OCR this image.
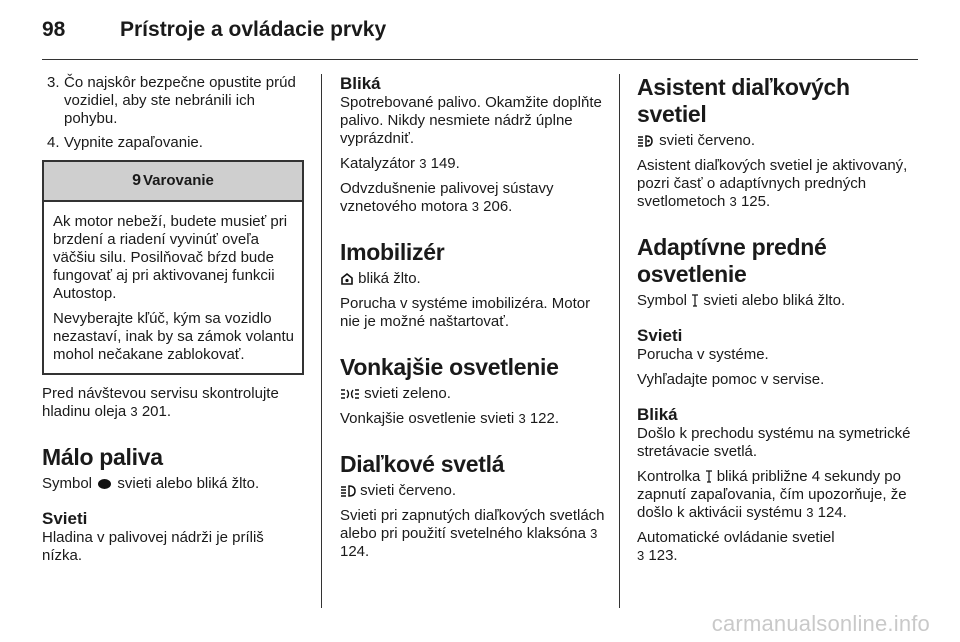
98	Prístroje a ovládacie prvky
3. Čo najskôr bezpečne opustite prúd vozidiel, aby ste nebránili ich pohybu.
4. Vypnite zapaľovanie.
9 Varovanie

Ak motor nebeží, budete musieť pri brzdení a riadení vyvinúť oveľa väčšiu silu. Posilňovač bŕzd bude fungovať aj pri aktivovanej funkcii Autostop.

Nevyberajte kľúč, kým sa vozidlo nezastaví, inak by sa zámok volantu mohol nečakane zablokovať.

Pred návštevou servisu skontrolujte hladinu oleja 3 201.

Málo paliva

Symbol svieti alebo bliká žlto.

Svieti

Hladina v palivovej nádrži je príliš nízka.

Bliká

Spotrebované palivo. Okamžite doplňte palivo. Nikdy nesmiete nádrž úplne vyprázdniť.

Katalyzátor 3 149.

Odvzdušnenie palivovej sústavy vznetového motora 3 206.

Imobilizér

bliká žlto.

Porucha v systéme imobilizéra. Motor nie je možné naštartovať.

Vonkajšie osvetlenie

svieti zeleno.

Vonkajšie osvetlenie svieti 3 122.

Diaľkové svetlá

svieti červeno.

Svieti pri zapnutých diaľkových svetlách alebo pri použití svetelného klaksóna 3 124.

Asistent diaľkových svetiel

svieti červeno.

Asistent diaľkových svetiel je aktivovaný, pozri časť o adaptívnych predných svetlometoch 3 125.

Adaptívne predné osvetlenie

Symbol svieti alebo bliká žlto.

Svieti

Porucha v systéme.

Vyhľadajte pomoc v servise.

Bliká

Došlo k prechodu systému na symetrické stretávacie svetlá.

Kontrolka bliká približne 4 sekundy po zapnutí zapaľovania, čím upozorňuje, že došlo k aktivácii systému 3 124.

Automatické ovládanie svetiel
3 123.

carmanualsonline.info
